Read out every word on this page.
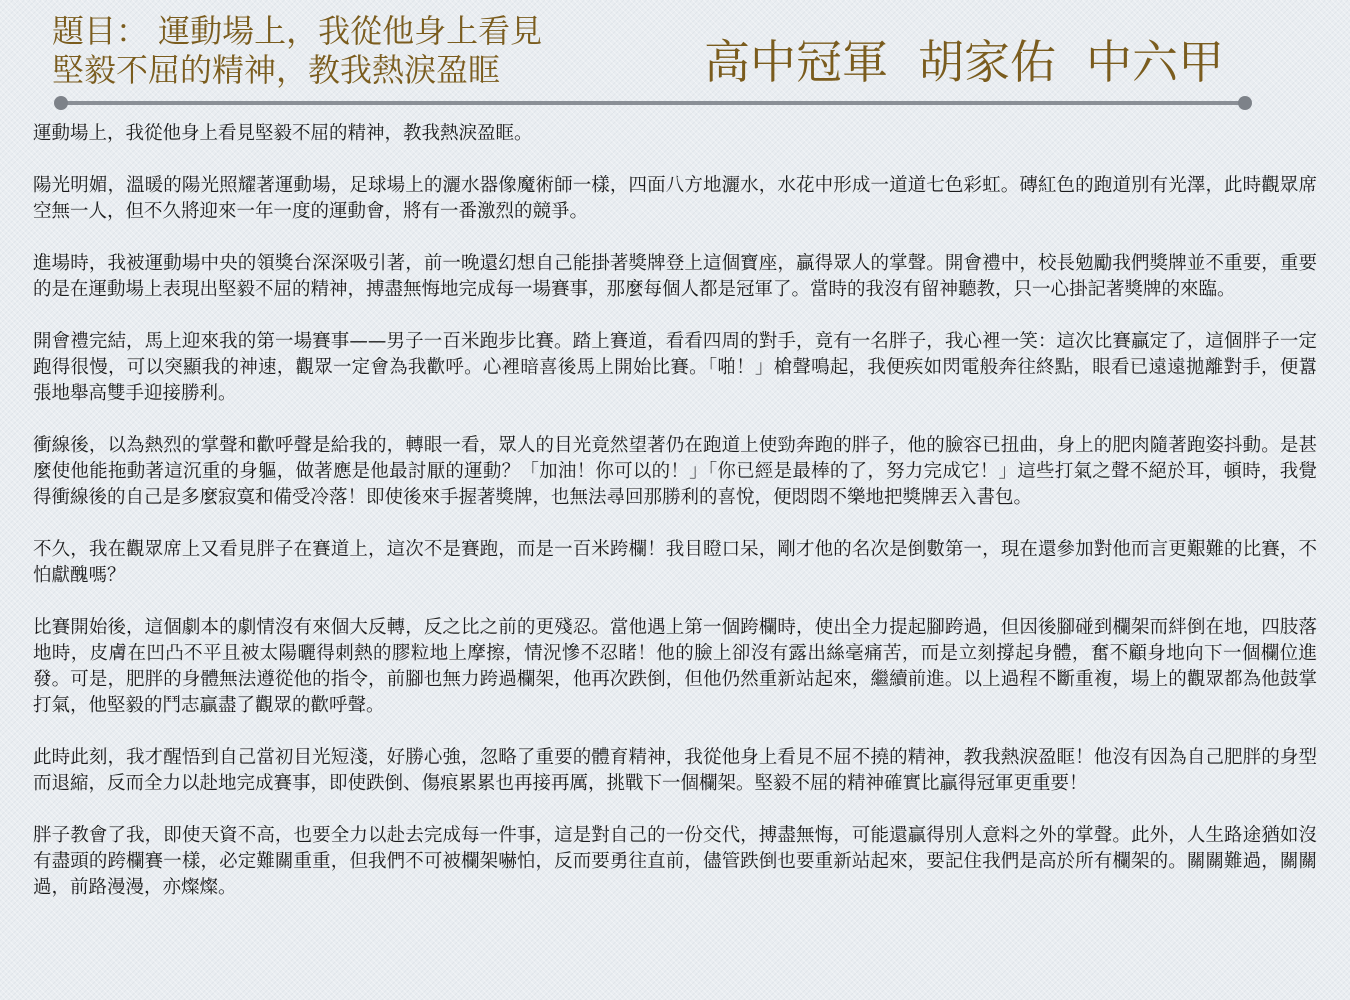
題目： 運動場上，我從他身上看見
堅毅不屈的精神，教我熱淚盈眶	高中冠軍 胡家佑 中六甲

運動場上，我從他身上看見堅毅不屈的精神，教我熱淚盈眶。

陽光明媚，溫暖的陽光照耀著運動場，足球場上的灑水器像魔術師一樣，四面八方地灑水，水花中形成一道道七色彩虹。磚紅色的跑道別有光澤，此時觀眾席空無一人，但不久將迎來一年一度的運動會，將有一番激烈的競爭。

進場時，我被運動場中央的領獎台深深吸引著，前一晚還幻想自己能掛著獎牌登上這個寶座，贏得眾人的掌聲。開會禮中，校長勉勵我們獎牌並不重要，重要的是在運動場上表現出堅毅不屈的精神，搏盡無悔地完成每一場賽事，那麼每個人都是冠軍了。當時的我沒有留神聽教，只一心掛記著獎牌的來臨。

開會禮完結，馬上迎來我的第一場賽事——男子一百米跑步比賽。踏上賽道，看看四周的對手，竟有一名胖子，我心裡一笑：這次比賽贏定了，這個胖子一定跑得很慢，可以突顯我的神速，觀眾一定會為我歡呼。心裡暗喜後馬上開始比賽。「啪！」槍聲鳴起，我便疾如閃電般奔往終點，眼看已遠遠拋離對手，便囂張地舉高雙手迎接勝利。

衝線後，以為熱烈的掌聲和歡呼聲是給我的，轉眼一看，眾人的目光竟然望著仍在跑道上使勁奔跑的胖子，他的臉容已扭曲，身上的肥肉隨著跑姿抖動。是甚麼使他能拖動著這沉重的身軀，做著應是他最討厭的運動？「加油！你可以的！」「你已經是最棒的了，努力完成它！」這些打氣之聲不絕於耳，頓時，我覺得衝線後的自己是多麼寂寞和備受冷落！即使後來手握著獎牌，也無法尋回那勝利的喜悅，便悶悶不樂地把獎牌丟入書包。

不久，我在觀眾席上又看見胖子在賽道上，這次不是賽跑，而是一百米跨欄！我目瞪口呆，剛才他的名次是倒數第一，現在還參加對他而言更艱難的比賽，不怕獻醜嗎？

比賽開始後，這個劇本的劇情沒有來個大反轉，反之比之前的更殘忍。當他遇上第一個跨欄時，使出全力提起腳跨過，但因後腳碰到欄架而絆倒在地，四肢落地時，皮膚在凹凸不平且被太陽曬得刺熱的膠粒地上摩擦，情況慘不忍睹！他的臉上卻沒有露出絲毫痛苦，而是立刻撐起身體，奮不顧身地向下一個欄位進發。可是，肥胖的身體無法遵從他的指令，前腳也無力跨過欄架，他再次跌倒，但他仍然重新站起來，繼續前進。以上過程不斷重複，場上的觀眾都為他鼓掌打氣，他堅毅的鬥志贏盡了觀眾的歡呼聲。

此時此刻，我才醒悟到自己當初目光短淺，好勝心強，忽略了重要的體育精神，我從他身上看見不屈不撓的精神，教我熱淚盈眶！他沒有因為自己肥胖的身型而退縮，反而全力以赴地完成賽事，即使跌倒、傷痕累累也再接再厲，挑戰下一個欄架。堅毅不屈的精神確實比贏得冠軍更重要！

胖子教會了我，即使天資不高，也要全力以赴去完成每一件事，這是對自己的一份交代，搏盡無悔，可能還贏得別人意料之外的掌聲。此外，人生路途猶如沒有盡頭的跨欄賽一樣，必定難關重重，但我們不可被欄架嚇怕，反而要勇往直前，儘管跌倒也要重新站起來，要記住我們是高於所有欄架的。關關難過，關關過，前路漫漫，亦燦燦。
